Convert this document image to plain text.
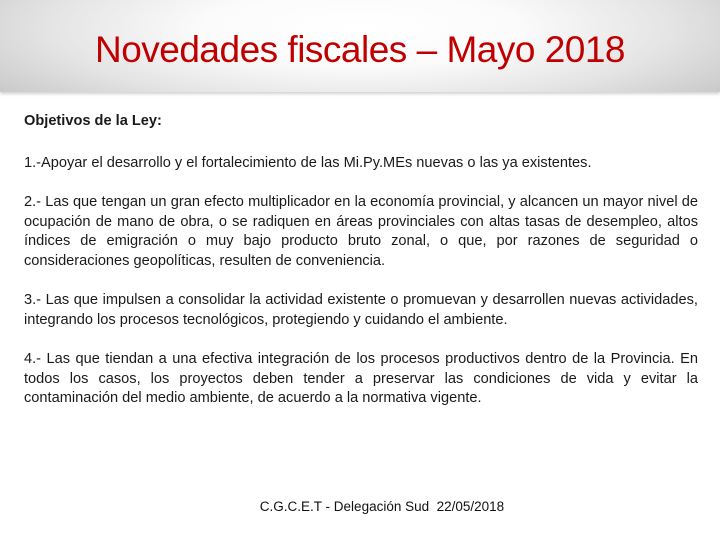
Novedades fiscales – Mayo 2018
Objetivos de la Ley:

1.-Apoyar el desarrollo y el fortalecimiento de las Mi.Py.MEs nuevas o las ya existentes.

2.- Las que tengan un gran efecto multiplicador en la economía provincial, y alcancen un mayor nivel de ocupación de mano de obra, o se radiquen en áreas provinciales con altas tasas de desempleo, altos índices de emigración o muy bajo producto bruto zonal, o que, por razones de seguridad o consideraciones geopolíticas, resulten de conveniencia.

3.- Las que impulsen a consolidar la actividad existente o promuevan y desarrollen nuevas actividades, integrando los procesos tecnológicos, protegiendo y cuidando el ambiente.

4.- Las que tiendan a una efectiva integración de los procesos productivos dentro de la Provincia. En todos los casos, los proyectos deben tender a preservar las condiciones de vida y evitar la contaminación del medio ambiente, de acuerdo a la normativa vigente.

C.G.C.E.T - Delegación Sud  22/05/2018
